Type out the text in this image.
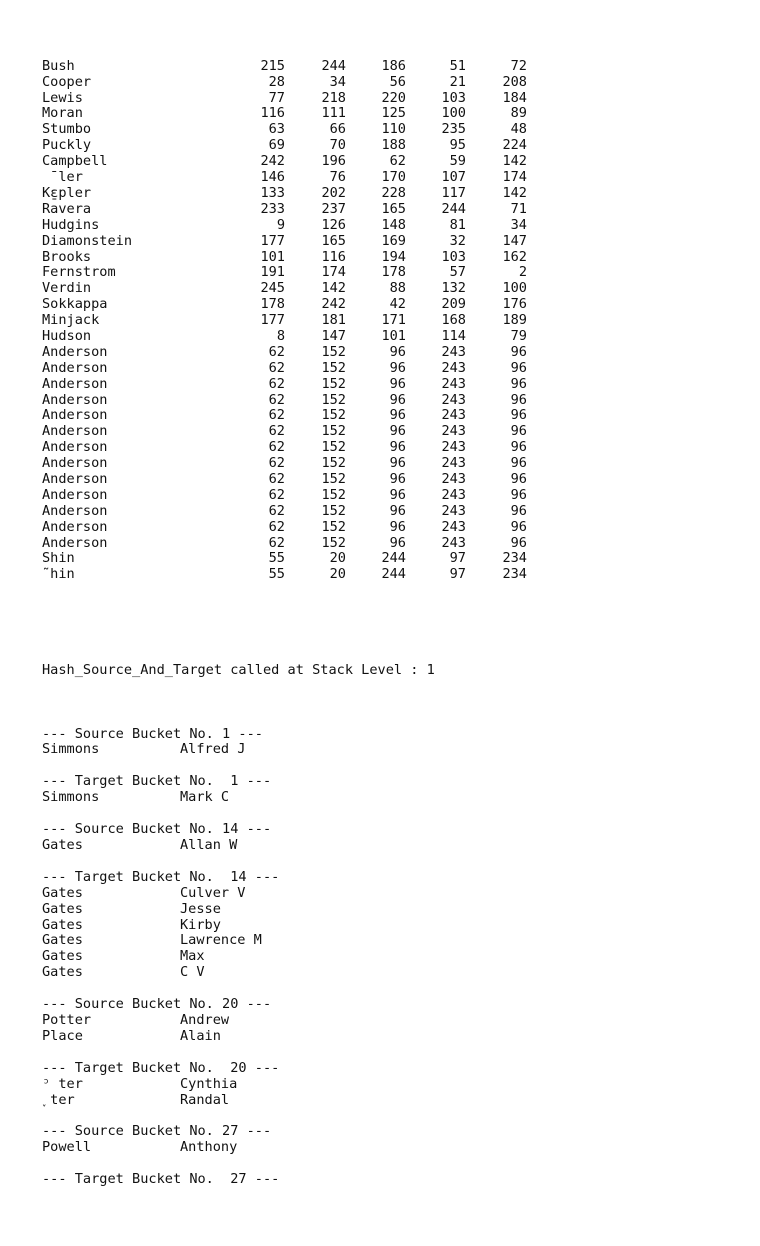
Bush	215	244	186	51	72
Cooper	28	34	56	21	208
Lewis	77	218	220	103	184
Moran	116	111	125	100	89
Stumbo	63	66	110	235	48
Puckly	69	70	188	95	224
Campbell	242	196	62	59	142
ˉler	146	76	170	107	174
Kɛ̱pler	133	202	228	117	142
Ravera	233	237	165	244	71
Hudgins	9	126	148	81	34
Diamonstein	177	165	169	32	147
Brooks	101	116	194	103	162
Fernstrom	191	174	178	57	2
Verdin	245	142	88	132	100
Sokkappa	178	242	42	209	176
Minjack	177	181	171	168	189
Hudson	8	147	101	114	79
Anderson	62	152	96	243	96
Anderson	62	152	96	243	96
Anderson	62	152	96	243	96
Anderson	62	152	96	243	96
Anderson	62	152	96	243	96
Anderson	62	152	96	243	96
Anderson	62	152	96	243	96
Anderson	62	152	96	243	96
Anderson	62	152	96	243	96
Anderson	62	152	96	243	96
Anderson	62	152	96	243	96
Anderson	62	152	96	243	96
Anderson	62	152	96	243	96
Shin	55	20	244	97	234
˜hin	55	20	244	97	234

Hash_Source_And_Target called at Stack Level : 1

--- Source Bucket No. 1 ---
Simmons	Alfred J
--- Target Bucket No.  1 ---
Simmons	Mark C
--- Source Bucket No. 14 ---
Gates	Allan W
--- Target Bucket No.  14 ---
Gates	Culver V
Gates	Jesse
Gates	Kirby
Gates	Lawrence M
Gates	Max
Gates	C V
--- Source Bucket No. 20 ---
Potter	Andrew
Place	Alain
--- Target Bucket No.  20 ---
ᵓ ter	Cynthia
˯ter	Randal
--- Source Bucket No. 27 ---
Powell	Anthony
--- Target Bucket No.  27 ---
